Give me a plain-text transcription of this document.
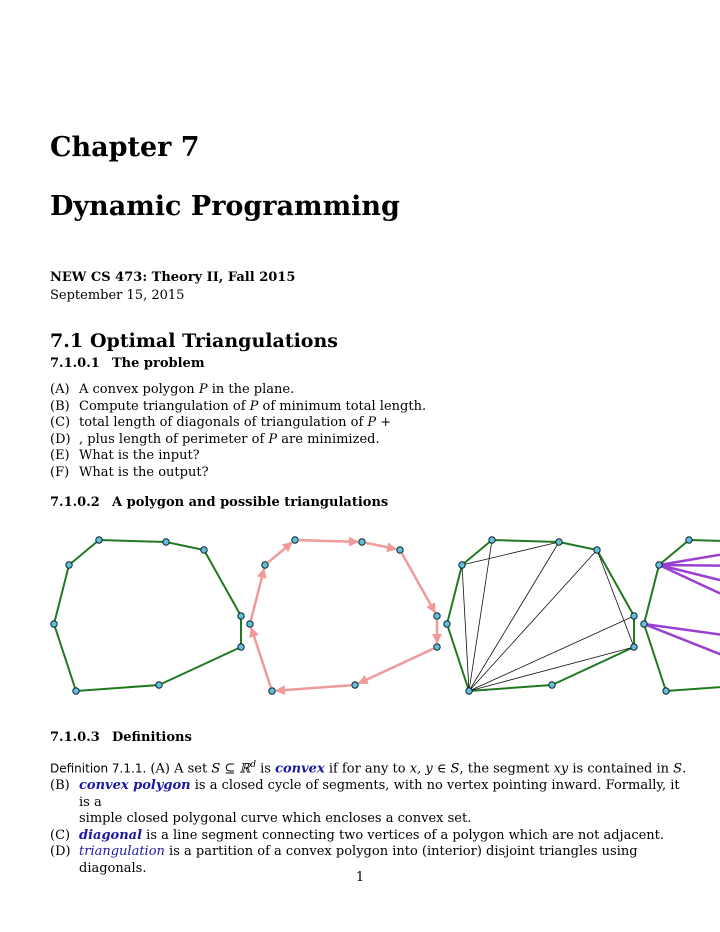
Chapter 7
Dynamic Programming
NEW CS 473: Theory II, Fall 2015
September 15, 2015
7.1 Optimal Triangulations
7.1.0.1 The problem
(A) A convex polygon P in the plane.
(B) Compute triangulation of P of minimum total length.
(C) total length of diagonals of triangulation of P +
(D) , plus length of perimeter of P are minimized.
(E) What is the input?
(F) What is the output?
7.1.0.2 A polygon and possible triangulations
7.1.0.3 Definitions
Definition 7.1.1. (A) A set S ⊆ ℝ$^d$ is convex if for any to x, y ∈ S, the segment xy is contained in S.
(B) convex polygon is a closed cycle of segments, with no vertex pointing inward. Formally, it is a
simple closed polygonal curve which encloses a convex set.
(C) diagonal is a line segment connecting two vertices of a polygon which are not adjacent.
(D) triangulation is a partition of a convex polygon into (interior) disjoint triangles using diagonals.
1
